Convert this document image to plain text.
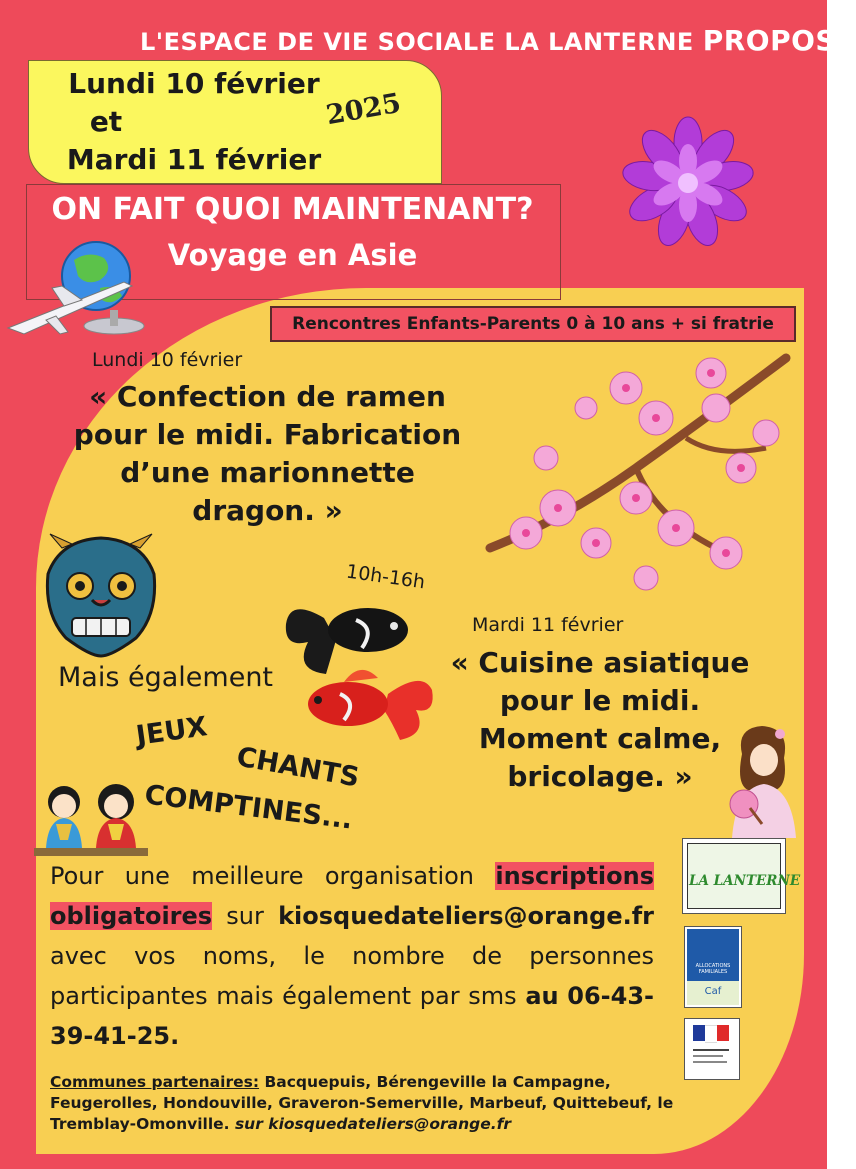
L'ESPACE DE VIE SOCIALE LA LANTERNE PROPOSE
Lundi 10 février
et
Mardi 11 février
2025
ON FAIT QUOI MAINTENANT?
Voyage en Asie
Rencontres Enfants-Parents 0 à 10 ans + si fratrie
Lundi 10 février
« Confection de ramen pour le midi. Fabrication d’une marionnette dragon. »
10h-16h
Mardi 11 février
« Cuisine asiatique pour le midi. Moment calme, bricolage. »
Mais également
JEUX
CHANTS
COMPTINES...
Pour une meilleure organisation inscriptions obligatoires sur kiosquedateliers@orange.fr avec vos noms, le nombre de personnes participantes mais également par sms au 06-43-39-41-25.
Communes partenaires: Bacquepuis, Bérengeville la Campagne, Feugerolles, Hondouville, Graveron-Semerville, Marbeuf, Quittebeuf, le Tremblay-Omonville. sur kiosquedateliers@orange.fr
LA LANTERNE
ALLOCATIONS FAMILIALES
Caf
